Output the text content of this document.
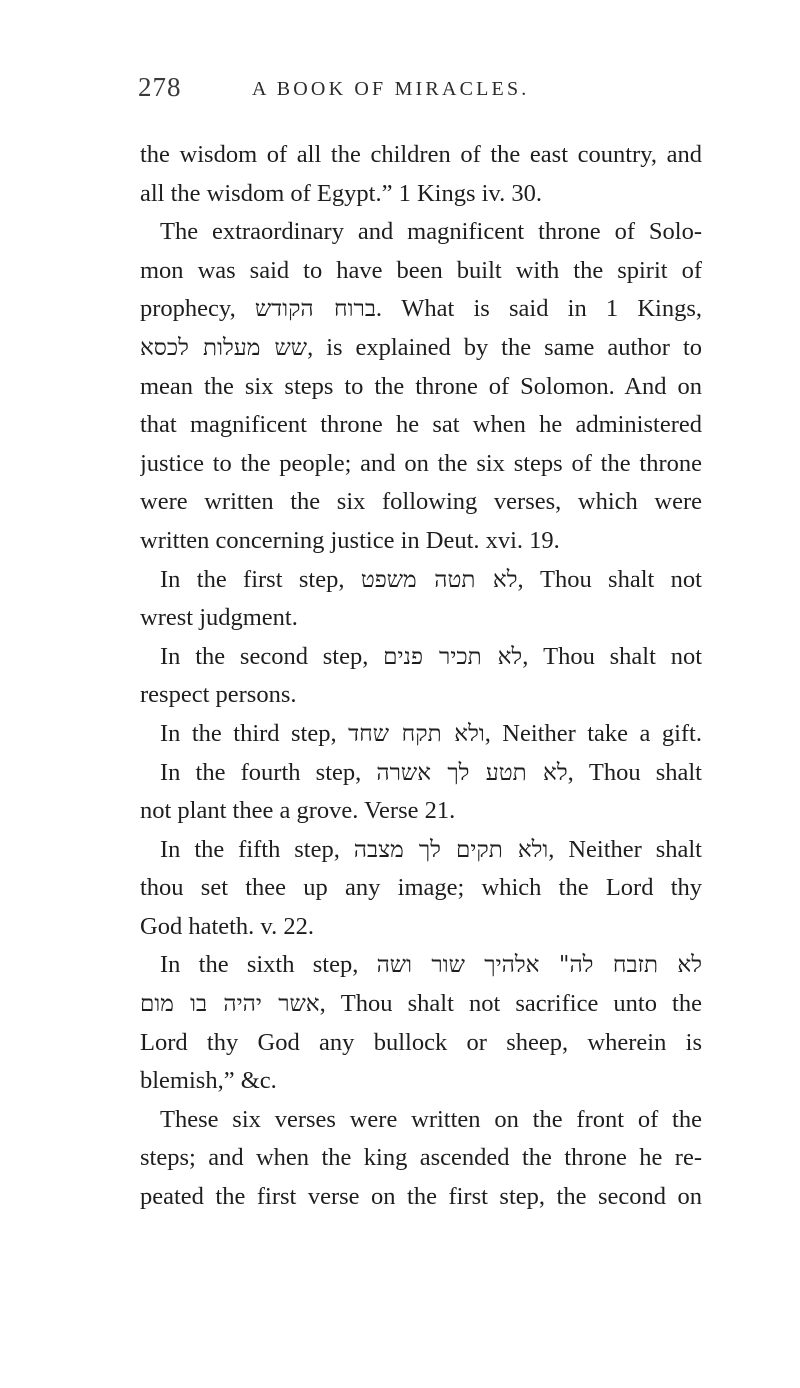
278	A BOOK OF MIRACLES.
the wisdom of all the children of the east country, and
all the wisdom of Egypt.” 1 Kings iv. 30.
The extraordinary and magnificent throne of Solo-
mon was said to have been built with the spirit of
prophecy, ברוח הקודש. What is said in 1 Kings,
שש מעלות לכסא, is explained by the same author to
mean the six steps to the throne of Solomon. And on
that magnificent throne he sat when he administered
justice to the people; and on the six steps of the throne
were written the six following verses, which were
written concerning justice in Deut. xvi. 19.
In the first step, לא תטה משפט, Thou shalt not
wrest judgment.
In the second step, לא תכיר פנים, Thou shalt not
respect persons.
In the third step, ולא תקח שחד, Neither take a gift.
In the fourth step, לא תטע לך אשרה, Thou shalt
not plant thee a grove. Verse 21.
In the fifth step, ולא תקים לך מצבה, Neither shalt
thou set thee up any image; which the Lord thy
God hateth. v. 22.
In the sixth step, לא תזבח לה" אלהיך שור ושה
אשר יהיה בו מום, Thou shalt not sacrifice unto the
Lord thy God any bullock or sheep, wherein is
blemish,” &c.
These six verses were written on the front of the
steps; and when the king ascended the throne he re-
peated the first verse on the first step, the second on
